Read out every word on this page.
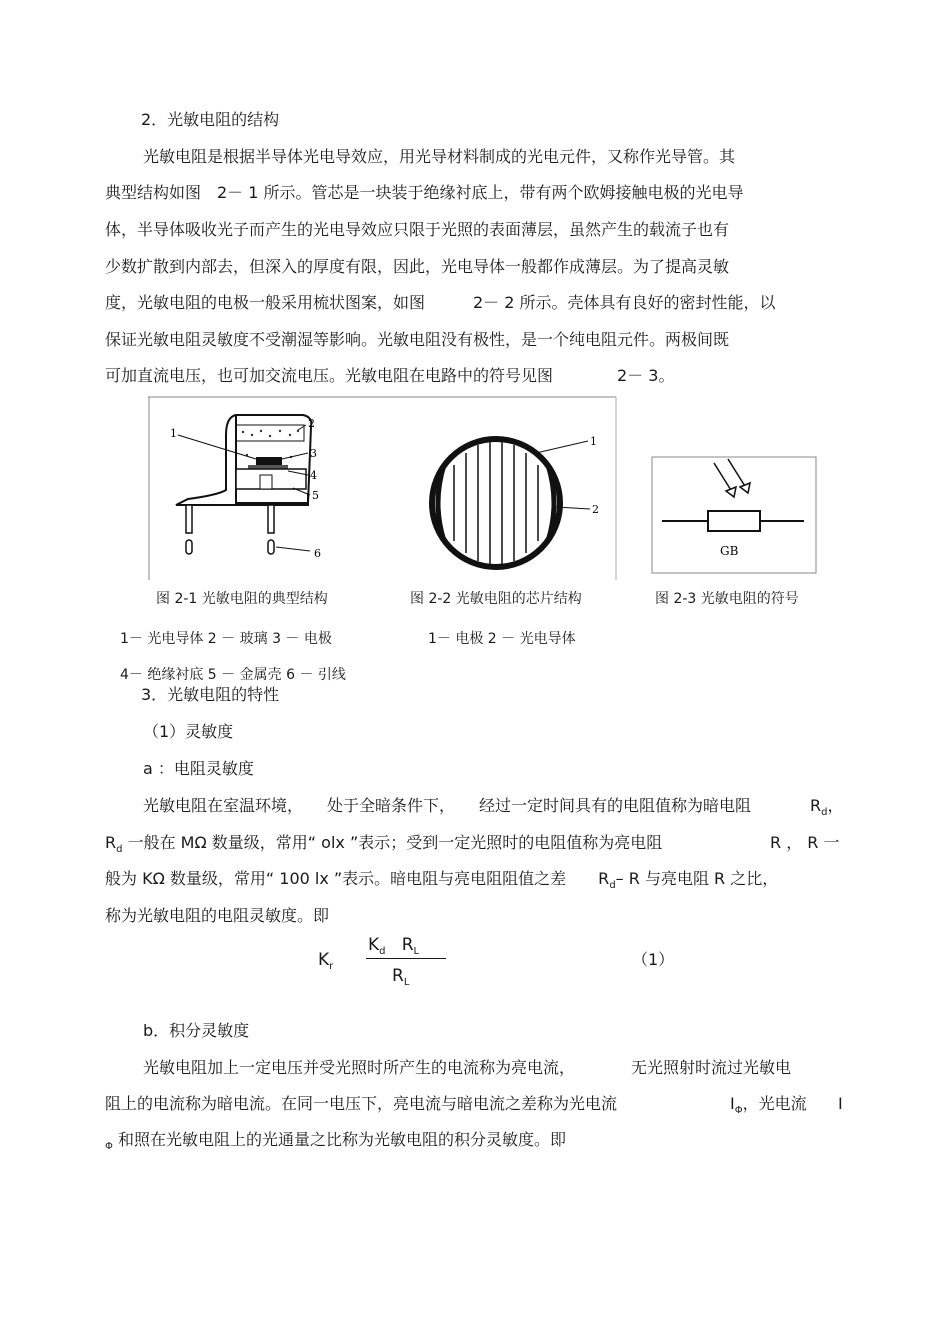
2．光敏电阻的结构
光敏电阻是根据半导体光电导效应，用光导材料制成的光电元件，又称作光导管。其
典型结构如图　2－ 1 所示。管芯是一块装于绝缘衬底上，带有两个欧姆接触电极的光电导
体，半导体吸收光子而产生的光电导效应只限于光照的表面薄层，虽然产生的载流子也有
少数扩散到内部去，但深入的厚度有限，因此，光电导体一般都作成薄层。为了提高灵敏
度，光敏电阻的电极一般采用梳状图案，如图　　　2－ 2 所示。壳体具有良好的密封性能，以
保证光敏电阻灵敏度不受潮湿等影响。光敏电阻没有极性，是一个纯电阻元件。两极间既
可加直流电压，也可加交流电压。光敏电阻在电路中的符号见图　　　　2－ 3。
1
2
3
4
5
6
1
2
GB
图 2-1 光敏电阻的典型结构	图 2-2 光敏电阻的芯片结构	图 2-3 光敏电阻的符号
1－ 光电导体 2 － 玻璃 3 － 电极	1－ 电极 2 － 光电导体
4－ 绝缘衬底 5 － 金属壳 6 － 引线
3．光敏电阻的特性
（1）灵敏度
a ：电阻灵敏度
光敏电阻在室温环境，　　处于全暗条件下，　　经过一定时间具有的电阻值称为暗电阻	$R_d$，
$R_d$ 一般在 MΩ 数量级，常用“ olx ”表示；受到一定光照时的电阻值称为亮电阻	R ， R 一
般为 KΩ 数量级，常用“ 100 lx ”表示。暗电阻与亮电阻阻值之差　　$R_d-$ R 与亮电阻 R 之比，
称为光敏电阻的电阻灵敏度。即
$K_r$
$K_d$ $R_L$
$R_L$
（1）
b．积分灵敏度
光敏电阻加上一定电压并受光照时所产生的电流称为亮电流，　　　　无光照射时流过光敏电
阻上的电流称为暗电流。在同一电压下，亮电流与暗电流之差称为光电流	$I_\Phi$，光电流 I
$_\Phi$ 和照在光敏电阻上的光通量之比称为光敏电阻的积分灵敏度。即
